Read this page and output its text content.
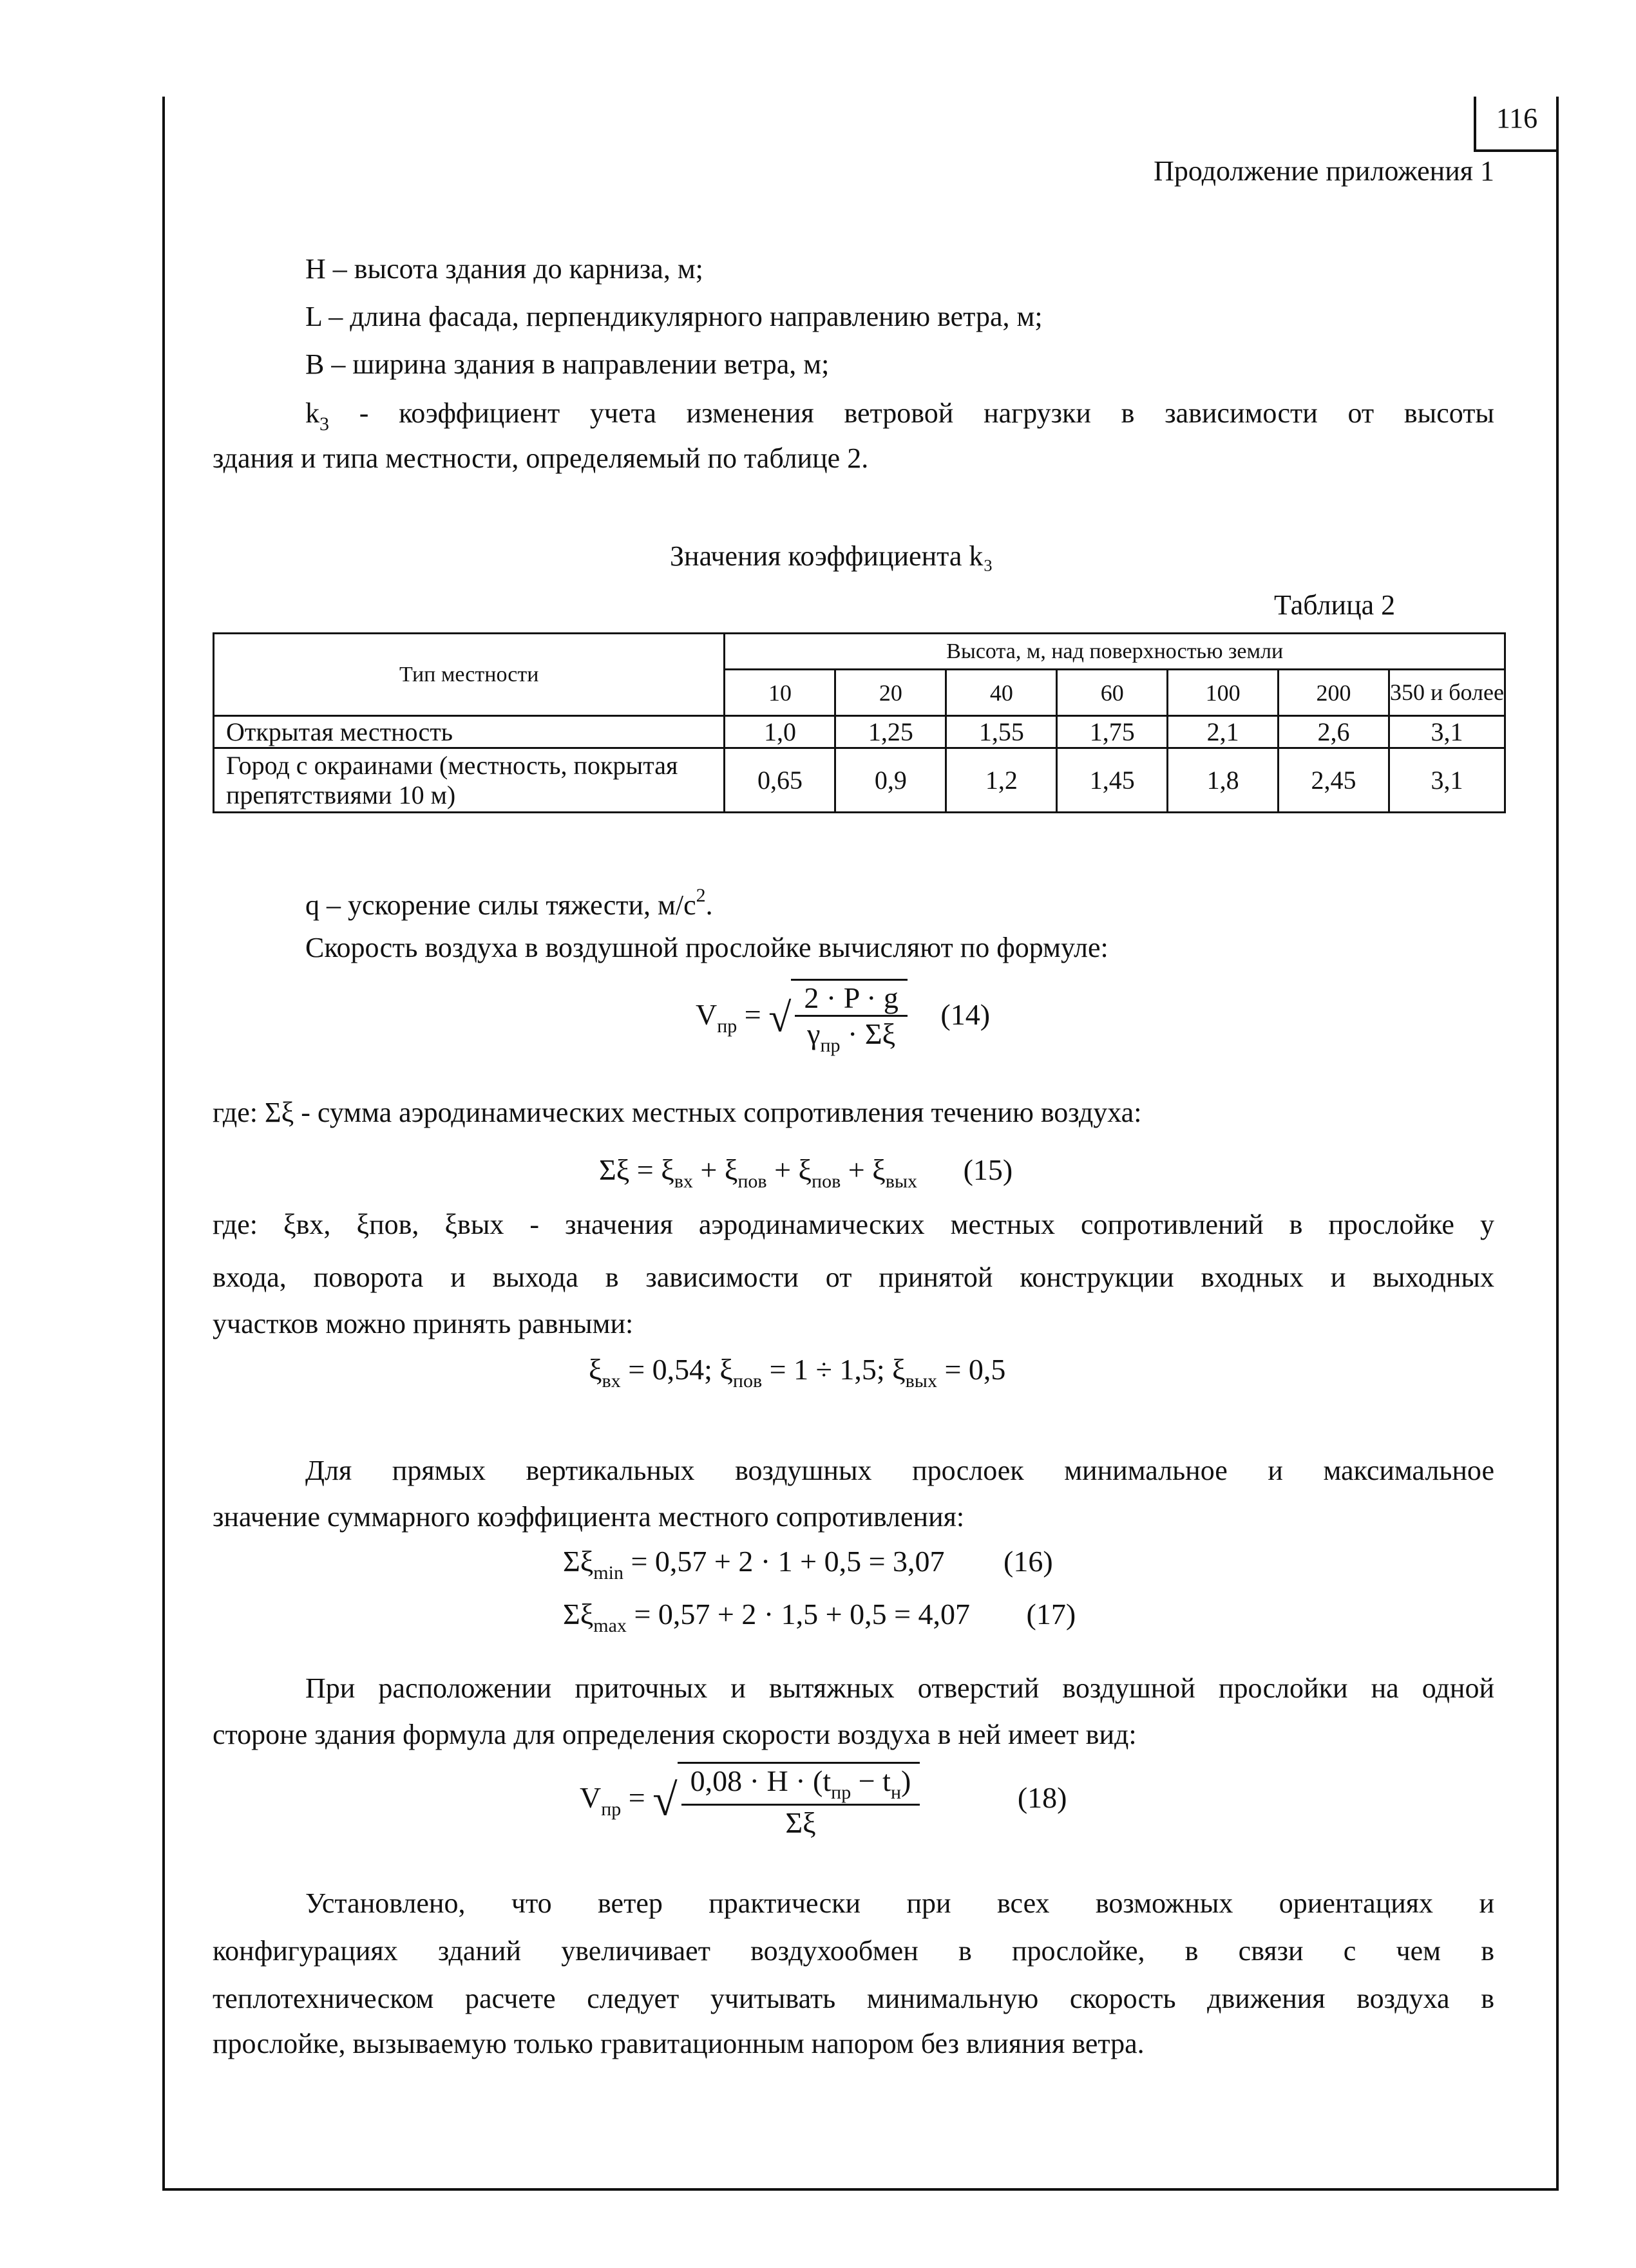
116
Продолжение приложения 1
H – высота здания до карниза, м;
L – длина фасада, перпендикулярного направлению ветра, м;
B – ширина здания в направлении ветра, м;
$k_3$ - коэффициент учета изменения ветровой нагрузки в зависимости от высоты
здания и типа местности, определяемый по таблице 2.
Значения коэффициента k₃
Таблица 2
Тип местности	Высота, м, над поверхностью земли						
	10	20	40	60	100	200	350 и более
Открытая местность	1,0	1,25	1,55	1,75	2,1	2,6	3,1
Город с окраинами (местность, покрытая препятствиями 10 м)	0,65	0,9	1,2	1,45	1,8	2,45	3,1
q – ускорение силы тяжести, $м/с^2$.
Скорость воздуха в воздушной прослойке вычисляют по формуле:
$V_{пр}$ = √ $\frac{2 \cdot P \cdot g}{\gamma_{пр} \cdot \Sigma\xi} (14)$
где: Σξ - сумма аэродинамических местных сопротивления течению воздуха:
$\Sigma\xi = \xi_{вх} + \xi_{пов} + \xi_{пов} + \xi_{вых}$ (15)
где: ξвх, ξпов, ξвых - значения аэродинамических местных сопротивлений в прослойке у
входа, поворота и выхода в зависимости от принятой конструкции входных и выходных
участков можно принять равными:
$\xi_{вх} = 0,54$; $\xi_{пов} = 1 \div 1,5$; $\xi_{вых} = 0,5$
Для прямых вертикальных воздушных прослоек минимальное и максимальное
значение суммарного коэффициента местного сопротивления:
$\Sigma\xi_{min} = 0,57 + 2 \cdot 1 + 0,5 = 3,07$ (16)
$\Sigma\xi_{max} = 0,57 + 2 \cdot 1,5 + 0,5 = 4,07$ (17)
При расположении приточных и вытяжных отверстий воздушной прослойки на одной
стороне здания формула для определения скорости воздуха в ней имеет вид:
$V_{пр}$ = √ $\frac{0,08 \cdot H \cdot (t_{пр} - t_н)}{\Sigma\xi}$	(18)
Установлено, что ветер практически при всех возможных ориентациях и
конфигурациях зданий увеличивает воздухообмен в прослойке, в связи с чем в
теплотехническом расчете следует учитывать минимальную скорость движения воздуха в
прослойке, вызываемую только гравитационным напором без влияния ветра.
